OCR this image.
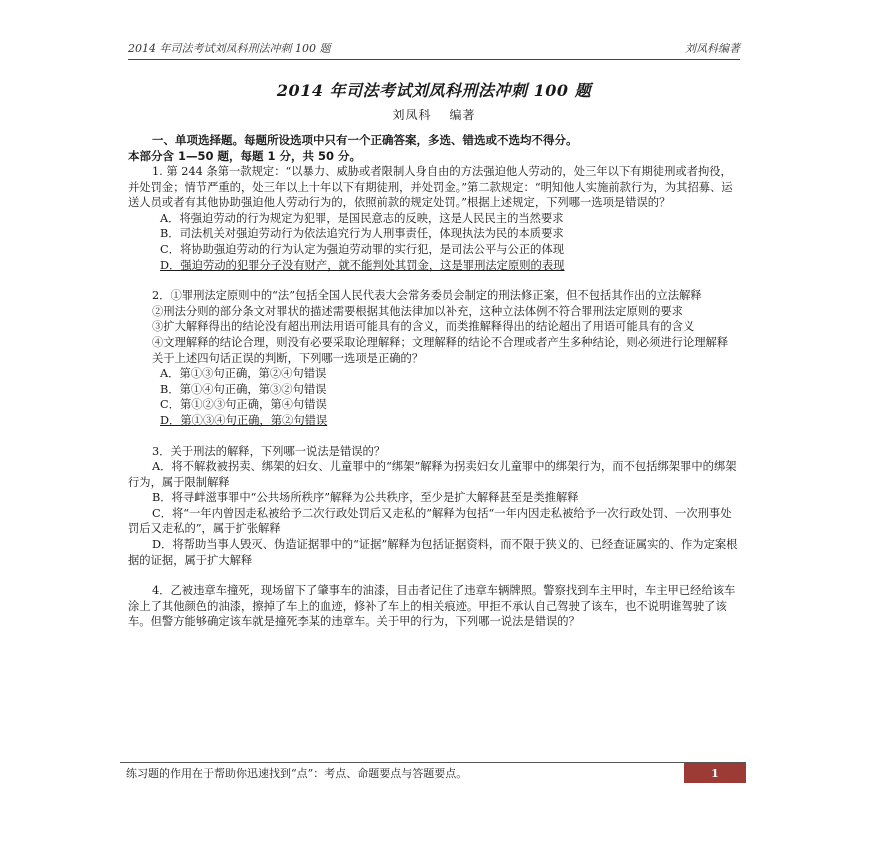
2014 年司法考试刘凤科刑法冲刺 100 题	刘凤科编著
2014 年司法考试刘凤科刑法冲刺 100 题
刘凤科 编著

一、单项选择题。每题所设选项中只有一个正确答案，多选、错选或不选均不得分。

本部分含 1—50 题，每题 1 分，共 50 分。

1. 第 244 条第一款规定：“以暴力、威胁或者限制人身自由的方法强迫他人劳动的，处三年以下有期徒刑或者拘役，并处罚金；情节严重的，处三年以上十年以下有期徒刑，并处罚金。”第二款规定：“明知他人实施前款行为，为其招募、运送人员或者有其他协助强迫他人劳动行为的，依照前款的规定处罚。”根据上述规定，下列哪一选项是错误的？

A．将强迫劳动的行为规定为犯罪，是国民意志的反映，这是人民民主的当然要求

B．司法机关对强迫劳动行为依法追究行为人刑事责任，体现执法为民的本质要求

C．将协助强迫劳动的行为认定为强迫劳动罪的实行犯，是司法公平与公正的体现

D．强迫劳动的犯罪分子没有财产，就不能判处其罚金，这是罪刑法定原则的表现

2．①罪刑法定原则中的“法”包括全国人民代表大会常务委员会制定的刑法修正案，但不包括其作出的立法解释

②刑法分则的部分条文对罪状的描述需要根据其他法律加以补充，这种立法体例不符合罪刑法定原则的要求

③扩大解释得出的结论没有超出刑法用语可能具有的含义，而类推解释得出的结论超出了用语可能具有的含义

④文理解释的结论合理，则没有必要采取论理解释；文理解释的结论不合理或者产生多种结论，则必须进行论理解释

关于上述四句话正误的判断，下列哪一选项是正确的？

A．第①③句正确，第②④句错误

B．第①④句正确，第③②句错误

C．第①②③句正确，第④句错误

D．第①③④句正确，第②句错误

3．关于刑法的解释，下列哪一说法是错误的？

A．将不解救被拐卖、绑架的妇女、儿童罪中的“绑架”解释为拐卖妇女儿童罪中的绑架行为，而不包括绑架罪中的绑架行为，属于限制解释

B．将寻衅滋事罪中“公共场所秩序”解释为公共秩序，至少是扩大解释甚至是类推解释

C．将“一年内曾因走私被给予二次行政处罚后又走私的”解释为包括“一年内因走私被给予一次行政处罚、一次刑事处罚后又走私的”，属于扩张解释

D．将帮助当事人毁灭、伪造证据罪中的“证据”解释为包括证据资料，而不限于狭义的、已经查证属实的、作为定案根据的证据，属于扩大解释

4．乙被违章车撞死，现场留下了肇事车的油漆，目击者记住了违章车辆牌照。警察找到车主甲时，车主甲已经给该车涂上了其他颜色的油漆，擦掉了车上的血迹，修补了车上的相关痕迹。甲拒不承认自己驾驶了该车，也不说明谁驾驶了该车。但警方能够确定该车就是撞死李某的违章车。关于甲的行为，下列哪一说法是错误的？

练习题的作用在于帮助你迅速找到“点”：考点、命题要点与答题要点。	1
